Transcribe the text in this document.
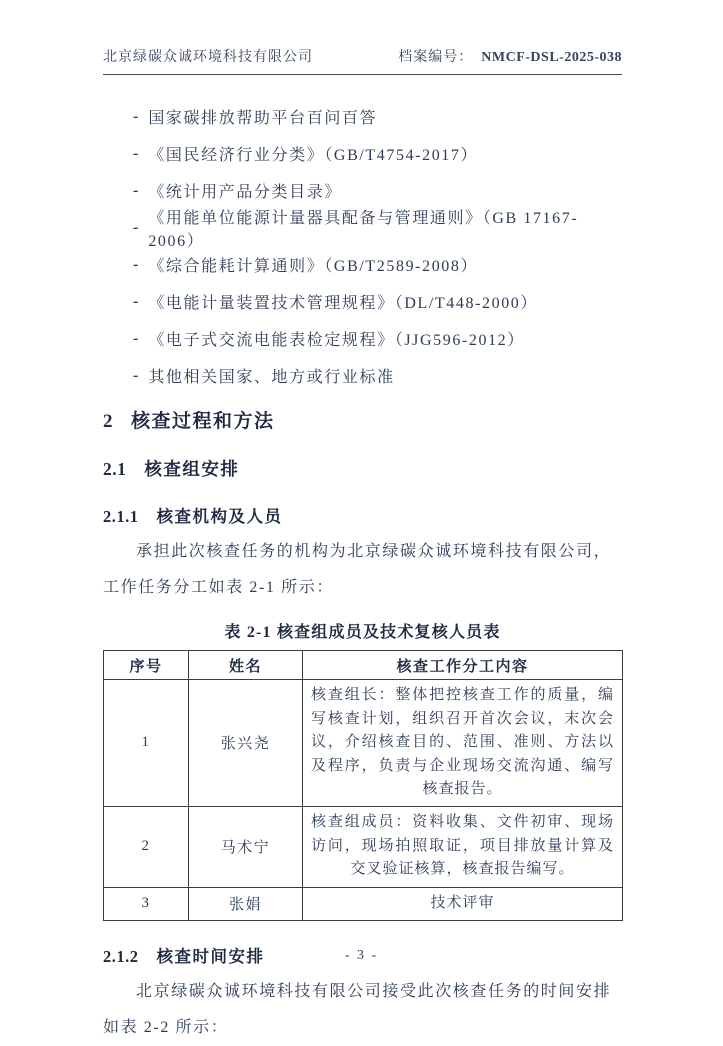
北京绿碳众诚环境科技有限公司	档案编号： NMCF-DSL-2025-038
- 国家碳排放帮助平台百问百答
- 《国民经济行业分类》（GB/T4754-2017）
- 《统计用产品分类目录》
-
《用能单位能源计量器具配备与管理通则》（GB 17167-2006）
- 《综合能耗计算通则》（GB/T2589-2008）
- 《电能计量装置技术管理规程》（DL/T448-2000）
- 《电子式交流电能表检定规程》（JJG596-2012）
- 其他相关国家、地方或行业标准
2 核查过程和方法
2.1 核查组安排
2.1.1 核查机构及人员
承担此次核查任务的机构为北京绿碳众诚环境科技有限公司，
工作任务分工如表 2-1 所示：
表 2-1 核查组成员及技术复核人员表
序号	姓名	核查工作分工内容
1	张兴尧	核查组长：整体把控核查工作的质量，编写核查计划，组织召开首次会议，末次会议，介绍核查目的、范围、准则、方法以及程序，负责与企业现场交流沟通、编写核查报告。
2	马术宁	核查组成员：资料收集、文件初审、现场访问，现场拍照取证，项目排放量计算及交叉验证核算，核查报告编写。
3	张娟	技术评审
2.1.2 核查时间安排
北京绿碳众诚环境科技有限公司接受此次核查任务的时间安排
如表 2-2 所示：
- 3 -
